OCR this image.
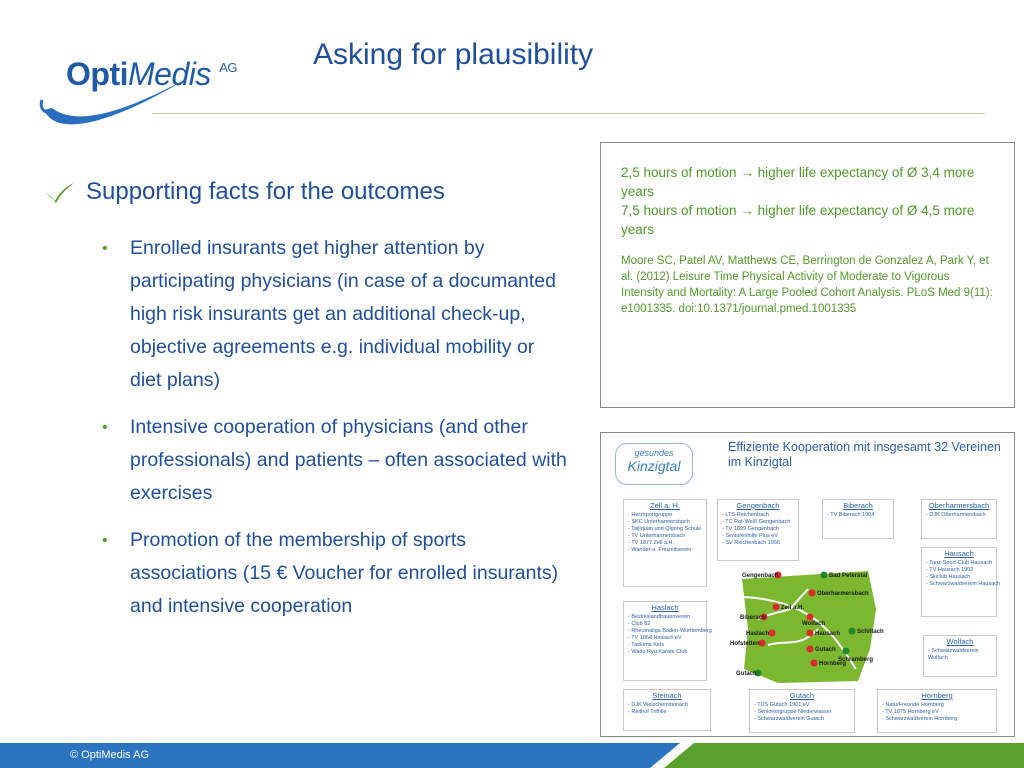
OptiMedis $^{AG}$	Asking for plausibility
Supporting facts for the outcomes
• Enrolled insurants get higher attention by participating physicians (in case of a documanted high risk insurants get an additional check-up, objective agreements e.g. individual mobility or diet plans)
• Intensive cooperation of physicians (and other professionals) and patients – often associated with exercises
• Promotion of the membership of sports associations (15 € Voucher for enrolled insurants) and intensive cooperation
2,5 hours of motion → higher life expectancy of Ø 3,4 more years
7,5 hours of motion → higher life expectancy of Ø 4,5 more years
Moore SC, Patel AV, Matthews CE, Berrington de Gonzalez A, Park Y, et al. (2012) Leisure Time Physical Activity of Moderate to Vigorous Intensity and Mortality: A Large Pooled Cohort Analysis. PLoS Med 9(11): e1001335. doi:10.1371/journal.pmed.1001335
gesundes
Kinzigtal
Effiziente Kooperation mit insgesamt 32 Vereinen im Kinzigtal
Zell a. H.
- Herzsportgruppe
- SKC Unterharmersbach
- Taijiquan und Qigong Schule
- TV Unterharmersbach
- TV 1877 Zell a.H.
- Wander-u. Freizeitverein
Gengenbach
- LTS-Reichenbach
- TC Rot-Weiß Gengenbach
- TV 1899 Gengenbach
- Seniorenhilfe Plus eV
- SV Reichenbach 1956
Biberach
- TV Biberach 1904
Oberharmersbach
- DJK Oberharmersbach
Hausach
- Tanz-Sport-Club Hausach
- TV Hausach 1902
- Skiclub Hausach
- Schwarzwaldverein Hausach
Haslach
- Bezirkslandfrauenverein
- Club 82
- Rheumaliga Baden-Württemberg
- TV 1864 Haslach eV
- Taekima Kids
- Wado Ryu Karate Club
Wolfach
- Schwarzwaldverein Wolfach
Steinach
- DJK Welschensteinach
- Reithof Trifhile
Gutach
- TUS Gutach 1901 eV
- Seniorengruppe Niederwasser
- Schwarzwaldverein Gutach
Hornberg
- NaturFreunde Hornberg
- TV 1875 Hornberg eV
- Schwarzwaldverein Hornberg
Gengenbach	Bad Peterstal
Oberharmersbach
Zell a.H.
Biberach
Wolfach
Haslach	Hausach	Schiltach
Hofstetten
Gutach
Hornberg
Schramberg
Gutach
© OptiMedis AG
